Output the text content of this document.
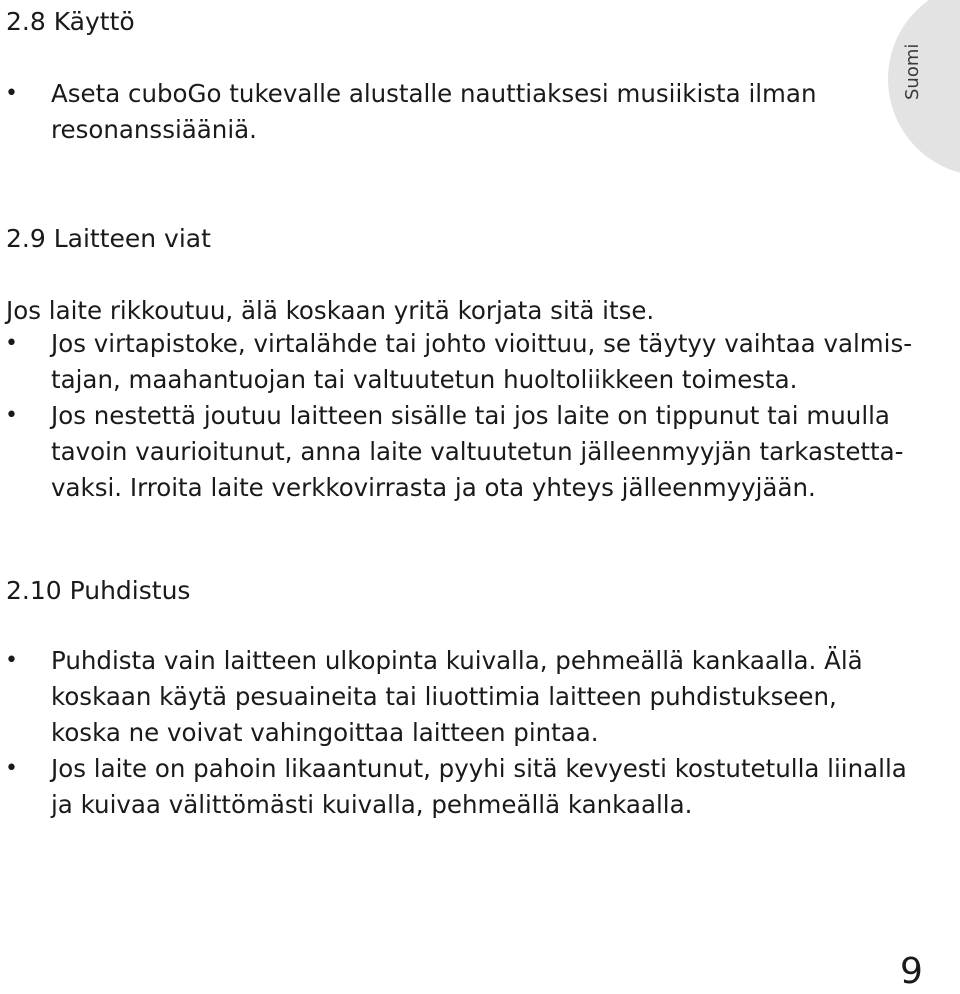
Suomi
2.8 Käyttö
• Aseta cuboGo tukevalle alustalle nauttiaksesi musiikista ilman
resonanssiääniä.
2.9 Laitteen viat

Jos laite rikkoutuu, älä koskaan yritä korjata sitä itse.

• Jos virtapistoke, virtalähde tai johto vioittuu, se täytyy vaihtaa valmis-
tajan, maahantuojan tai valtuutetun huoltoliikkeen toimesta.
• Jos nestettä joutuu laitteen sisälle tai jos laite on tippunut tai muulla
tavoin vaurioitunut, anna laite valtuutetun jälleenmyyjän tarkastetta-
vaksi. Irroita laite verkkovirrasta ja ota yhteys jälleenmyyjään.
2.10 Puhdistus
• Puhdista vain laitteen ulkopinta kuivalla, pehmeällä kankaalla. Älä
koskaan käytä pesuaineita tai liuottimia laitteen puhdistukseen,
koska ne voivat vahingoittaa laitteen pintaa.
• Jos laite on pahoin likaantunut, pyyhi sitä kevyesti kostutetulla liinalla
ja kuivaa välittömästi kuivalla, pehmeällä kankaalla.
9
